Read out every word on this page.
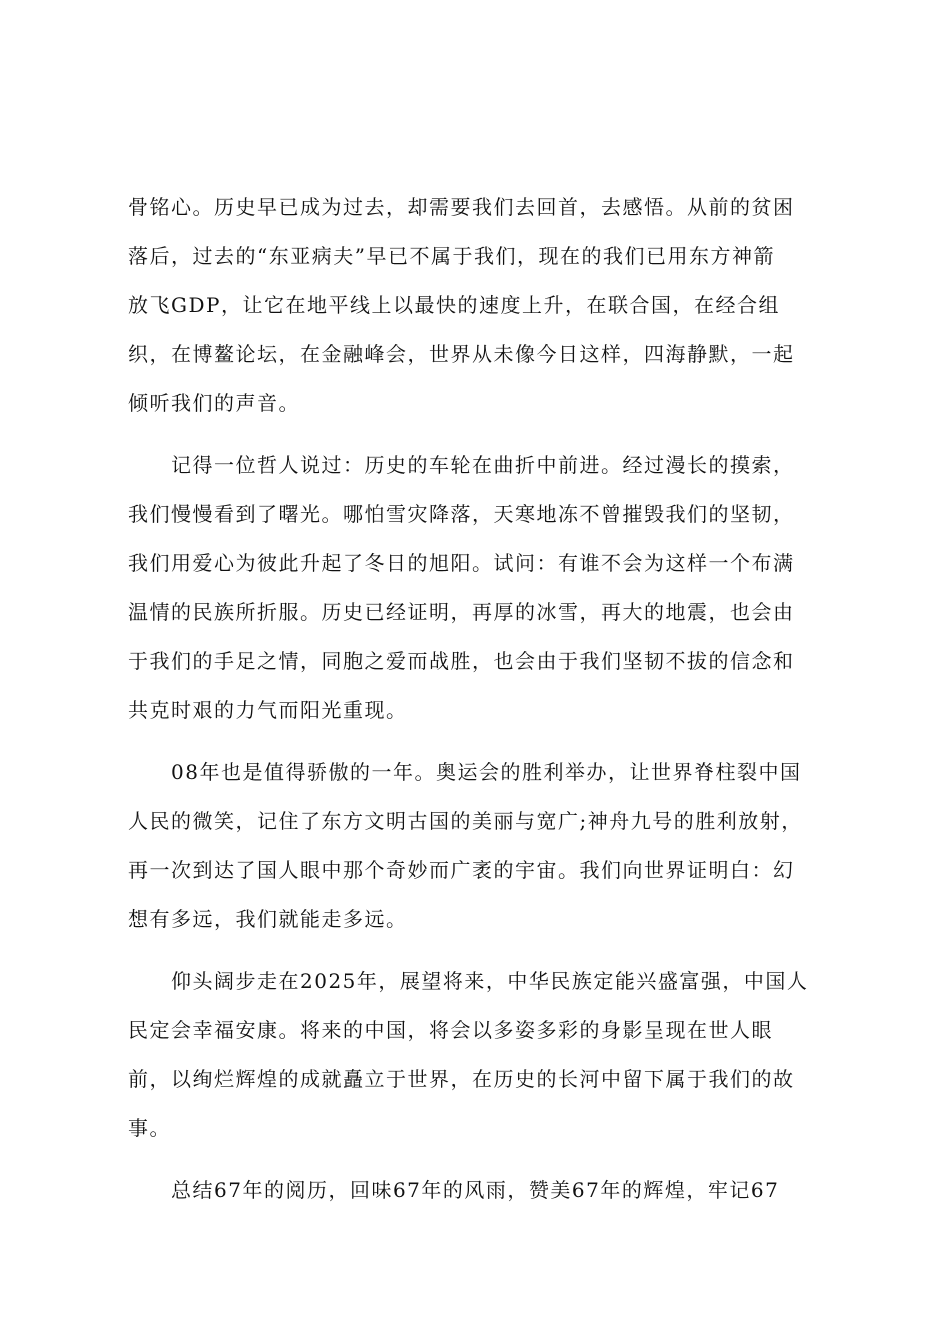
骨铭心。历史早已成为过去，却需要我们去回首，去感悟。从前的贫困
落后，过去的“东亚病夫”早已不属于我们，现在的我们已用东方神箭
放飞GDP，让它在地平线上以最快的速度上升，在联合国，在经合组
织，在博鳌论坛，在金融峰会，世界从未像今日这样，四海静默，一起
倾听我们的声音。
　　记得一位哲人说过：历史的车轮在曲折中前进。经过漫长的摸索，
我们慢慢看到了曙光。哪怕雪灾降落，天寒地冻不曾摧毁我们的坚韧，
我们用爱心为彼此升起了冬日的旭阳。试问：有谁不会为这样一个布满
温情的民族所折服。历史已经证明，再厚的冰雪，再大的地震，也会由
于我们的手足之情，同胞之爱而战胜，也会由于我们坚韧不拔的信念和
共克时艰的力气而阳光重现。
　　08年也是值得骄傲的一年。奥运会的胜利举办，让世界脊柱裂中国
人民的微笑，记住了东方文明古国的美丽与宽广;神舟九号的胜利放射，
再一次到达了国人眼中那个奇妙而广袤的宇宙。我们向世界证明白：幻
想有多远，我们就能走多远。
　　仰头阔步走在2025年，展望将来，中华民族定能兴盛富强，中国人
民定会幸福安康。将来的中国，将会以多姿多彩的身影呈现在世人眼
前，以绚烂辉煌的成就矗立于世界，在历史的长河中留下属于我们的故
事。
　　总结67年的阅历，回味67年的风雨，赞美67年的辉煌，牢记67
